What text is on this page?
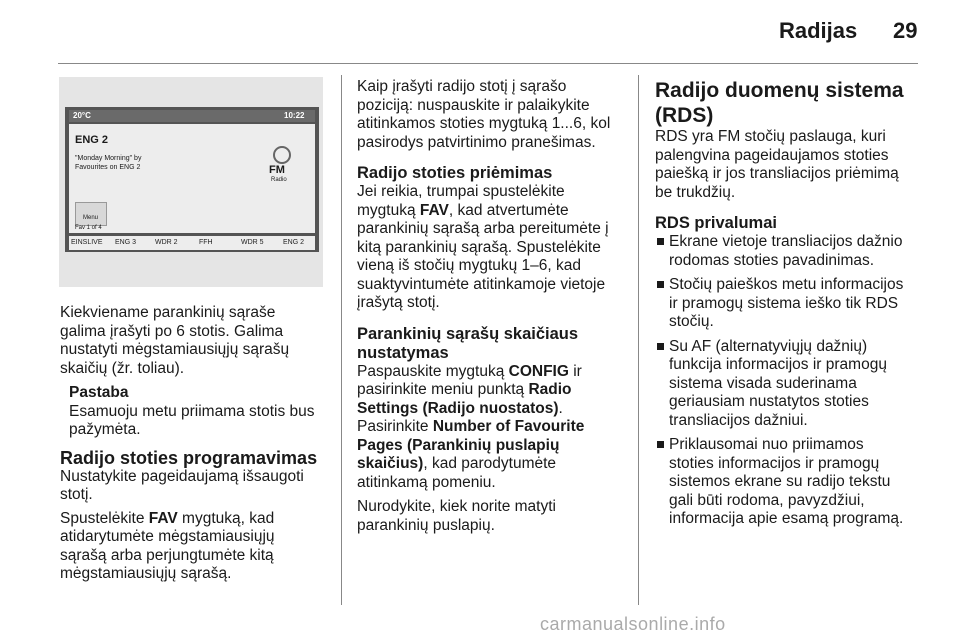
Radijas 29
20°C	10:22
ENG 2
"Monday Morning" by
Favourites on ENG 2	FM
Radio
Menu
Fav 1 of 4
EINSLIVE ENG 3	WDR 2	FFH	WDR 5	ENG 2

Kiekviename parankinių sąraše

galima įrašyti po 6 stotis. Galima

nustatyti mėgstamiausiųjų sąrašų

skaičių (žr. toliau).

Pastaba

Esamuoju metu priimama stotis bus

pažymėta.

Radijo stoties programavimas

Nustatykite pageidaujamą išsaugoti

stotį.

Spustelėkite FAV mygtuką, kad

atidarytumėte mėgstamiausiųjų

sąrašą arba perjungtumėte kitą

mėgstamiausiųjų sąrašą.

Kaip įrašyti radijo stotį į sąrašo

poziciją: nuspauskite ir palaikykite

atitinkamos stoties mygtuką 1...6, kol

pasirodys patvirtinimo pranešimas.

Radijo stoties priėmimas

Jei reikia, trumpai spustelėkite

mygtuką FAV, kad atvertumėte

parankinių sąrašą arba pereitumėte į

kitą parankinių sąrašą. Spustelėkite

vieną iš stočių mygtukų 1–6, kad

suaktyvintumėte atitinkamoje vietoje

įrašytą stotį.

Parankinių sąrašų skaičiaus

nustatymas

Paspauskite mygtuką CONFIG ir

pasirinkite meniu punktą Radio

Settings (Radijo nuostatos).

Pasirinkite Number of Favourite

Pages (Parankinių puslapių

skaičius), kad parodytumėte

atitinkamą pomeniu.

Nurodykite, kiek norite matyti

parankinių puslapių.

Radijo duomenų sistema

(RDS)

RDS yra FM stočių paslauga, kuri

palengvina pageidaujamos stoties

paiešką ir jos transliacijos priėmimą

be trukdžių.

RDS privalumai

Ekrane vietoje transliacijos dažnio

rodomas stoties pavadinimas.

Stočių paieškos metu informacijos

ir pramogų sistema ieško tik RDS

stočių.

Su AF (alternatyviųjų dažnių)

funkcija informacijos ir pramogų

sistema visada suderinama

geriausiam nustatytos stoties

transliacijos dažniui.

Priklausomai nuo priimamos

stoties informacijos ir pramogų

sistemos ekrane su radijo tekstu

gali būti rodoma, pavyzdžiui,

informacija apie esamą programą.

carmanualsonline.info
